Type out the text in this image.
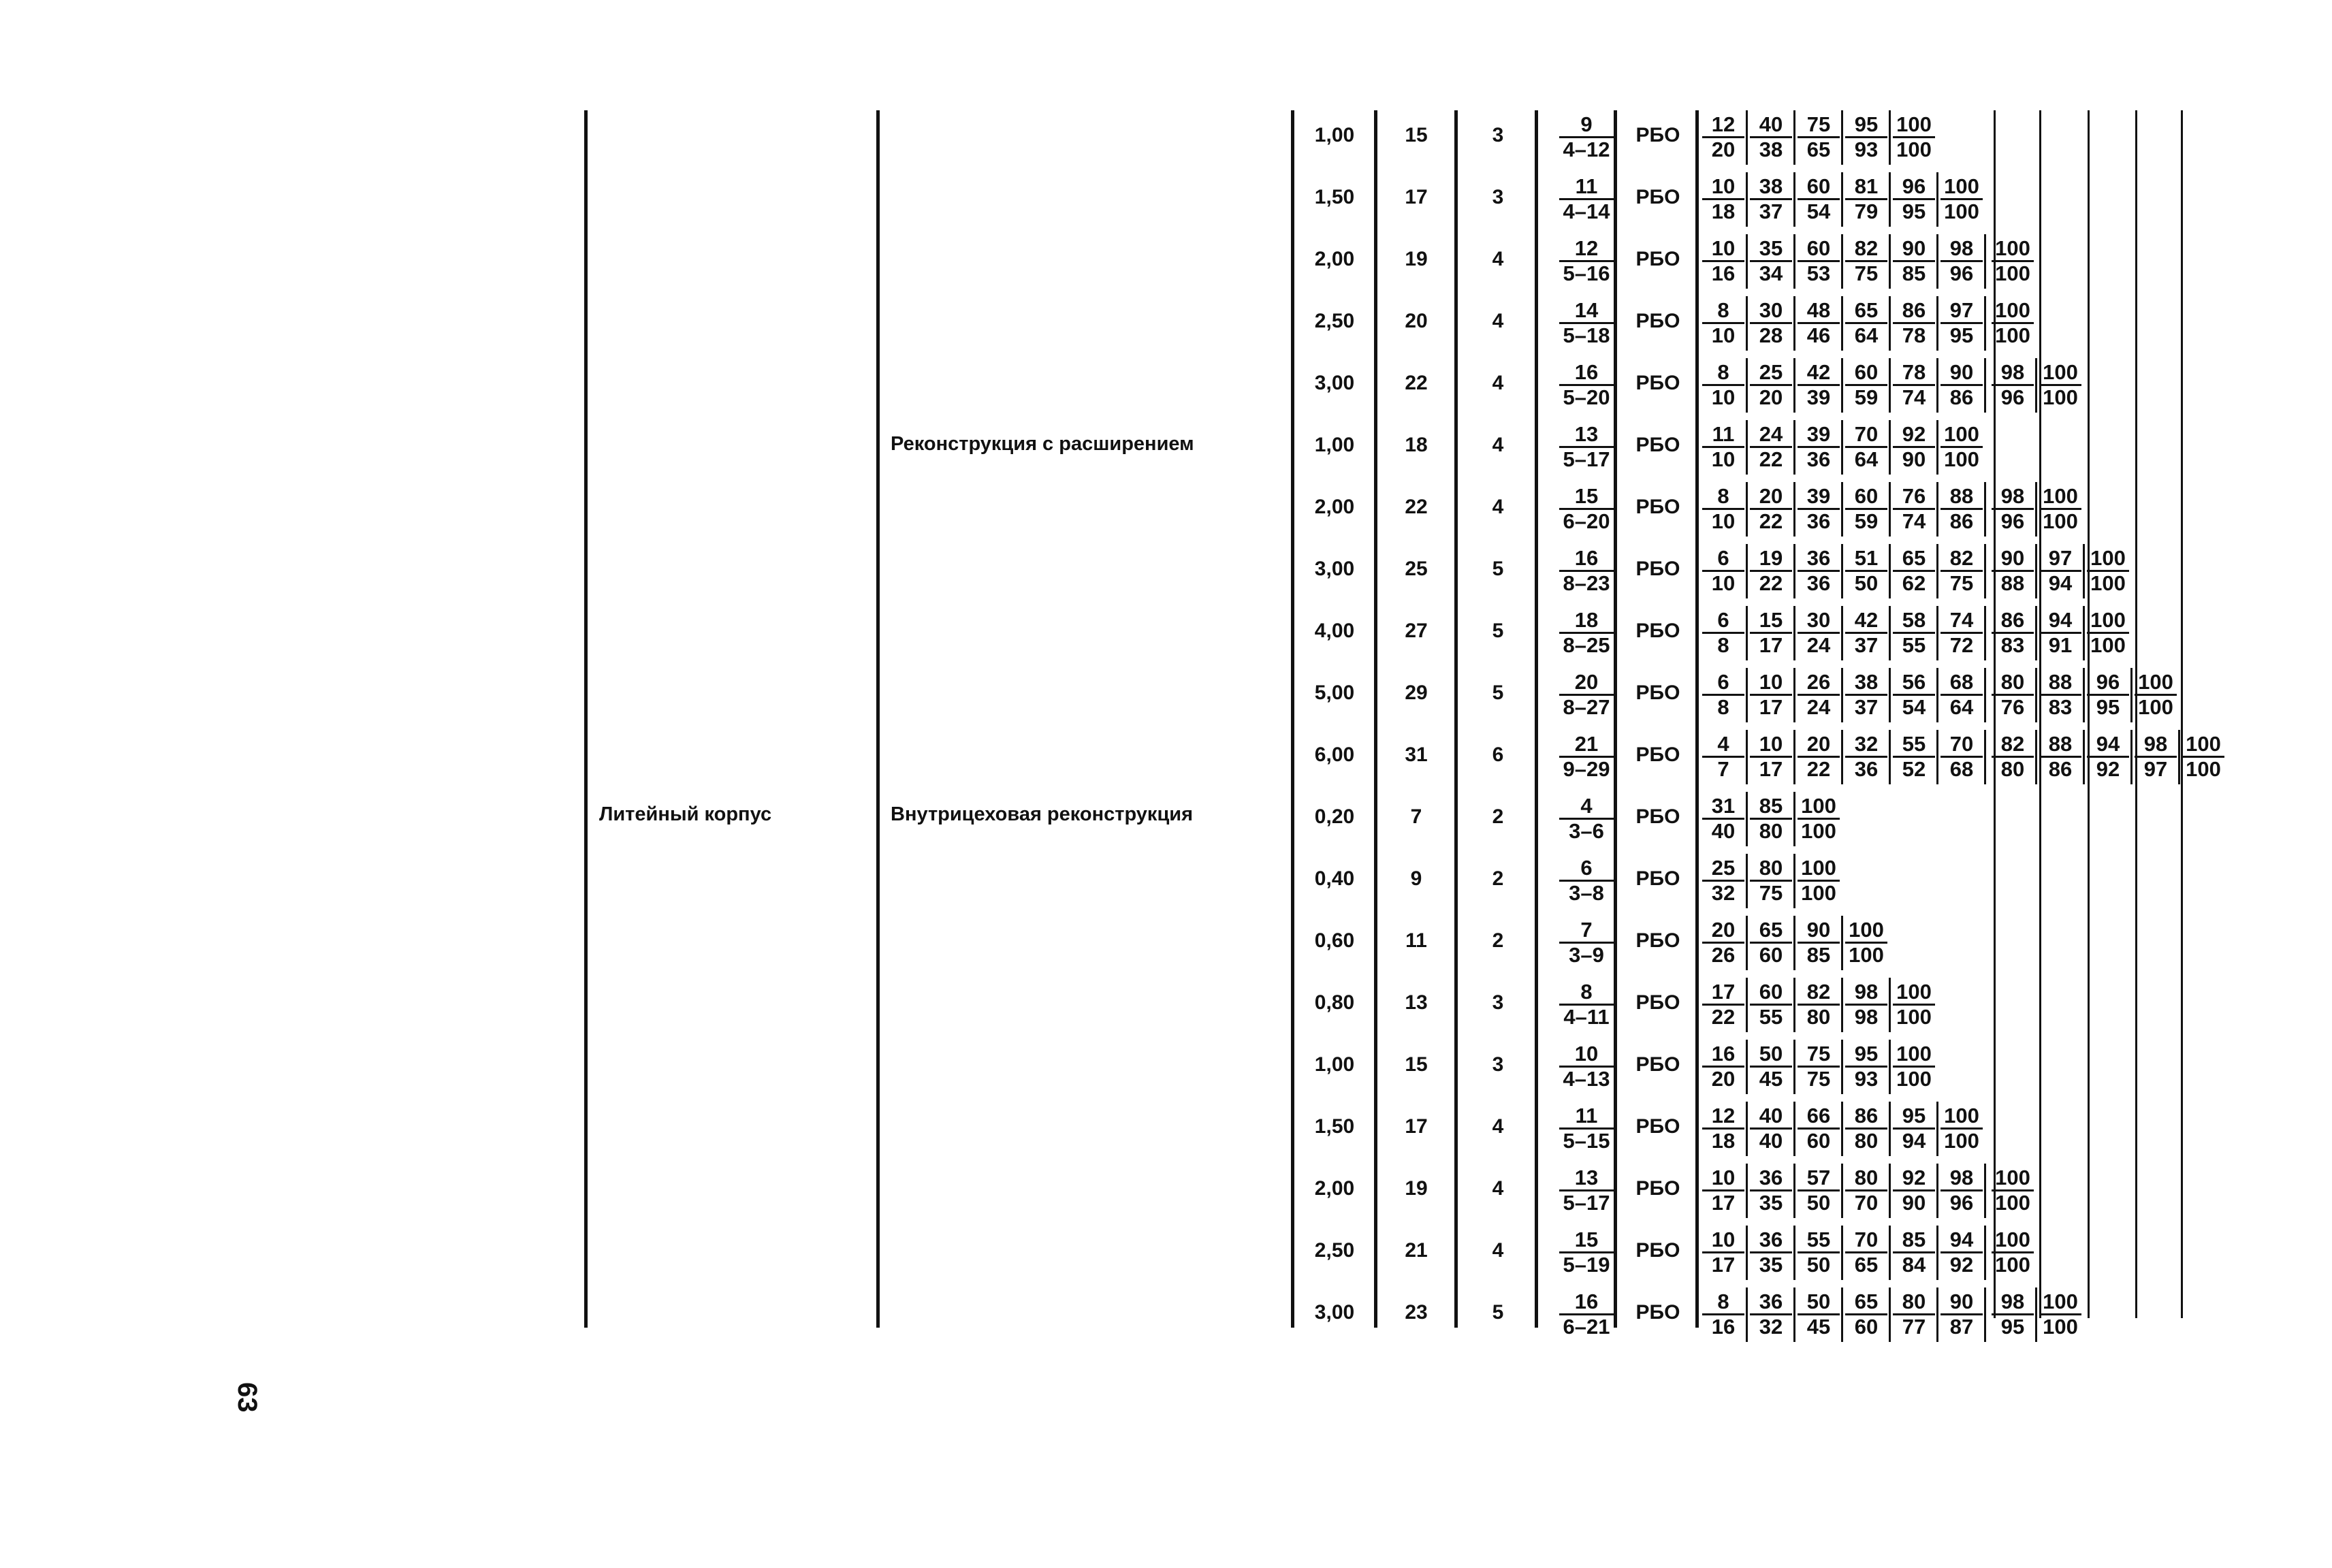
Литейный корпус
Реконструкция с расширением
Внутрицеховая реконструкция
1,00	15	3	$\frac{9}{4-12}$ РБО $\frac{12}{20} \frac{40}{38} \frac{75}{65} \frac{95}{93} \frac{100}{100}$
1,50	17	3	$\frac{11}{4-14}$ РБО $\frac{10}{18} \frac{38}{37} \frac{60}{54} \frac{81}{79} \frac{96}{95} \frac{100}{100}$
2,00	19	4	$\frac{12}{5-16}$ РБО $\frac{10}{16} \frac{35}{34} \frac{60}{53} \frac{82}{75} \frac{90}{85} \frac{98}{96} \frac{100}{100}$
2,50	20	4	$\frac{14}{5-18}$ РБО $\frac{8}{10} \frac{30}{28} \frac{48}{46} \frac{65}{64} \frac{86}{78} \frac{97}{95} \frac{100}{100}$
3,00	22	4	$\frac{16}{5-20}$ РБО $\frac{8}{10} \frac{25}{20} \frac{42}{39} \frac{60}{59} \frac{78}{74} \frac{90}{86} \frac{98}{96} \frac{100}{100}$
1,00	18	4	$\frac{13}{5-17}$ РБО $\frac{11}{10} \frac{24}{22} \frac{39}{36} \frac{70}{64} \frac{92}{90} \frac{100}{100}$
2,00	22	4	$\frac{15}{6-20}$ РБО $\frac{8}{10} \frac{20}{22} \frac{39}{36} \frac{60}{59} \frac{76}{74} \frac{88}{86} \frac{98}{96} \frac{100}{100}$
3,00	25	5	$\frac{16}{8-23}$ РБО $\frac{6}{10} \frac{19}{22} \frac{36}{36} \frac{51}{50} \frac{65}{62} \frac{82}{75} \frac{90}{88} \frac{97}{94} \frac{100}{100}$
4,00	27	5	$\frac{18}{8-25}$ РБО $\frac{6}{8} \frac{15}{17} \frac{30}{24} \frac{42}{37} \frac{58}{55} \frac{74}{72} \frac{86}{83} \frac{94}{91} \frac{100}{100}$
5,00	29	5	$\frac{20}{8-27}$ РБО $\frac{6}{8} \frac{10}{17} \frac{26}{24} \frac{38}{37} \frac{56}{54} \frac{68}{64} \frac{80}{76} \frac{88}{83} \frac{96}{95} \frac{100}{100}$
6,00	31	6	$\frac{21}{9-29}$ РБО $\frac{4}{7} \frac{10}{17} \frac{20}{22} \frac{32}{36} \frac{55}{52} \frac{70}{68} \frac{82}{80} \frac{88}{86} \frac{94}{92} \frac{98}{97} \frac{100}{100}$
0,20	7	2	$\frac{4}{3-6}$ РБО $\frac{31}{40} \frac{85}{80} \frac{100}{100}$
0,40	9	2	$\frac{6}{3-8}$ РБО $\frac{25}{32} \frac{80}{75} \frac{100}{100}$
0,60	11	2	$\frac{7}{3-9}$ РБО $\frac{20}{26} \frac{65}{60} \frac{90}{85} \frac{100}{100}$
0,80	13	3	$\frac{8}{4-11}$ РБО $\frac{17}{22} \frac{60}{55} \frac{82}{80} \frac{98}{98} \frac{100}{100}$
1,00	15	3	$\frac{10}{4-13}$ РБО $\frac{16}{20} \frac{50}{45} \frac{75}{75} \frac{95}{93} \frac{100}{100}$
1,50	17	4	$\frac{11}{5-15}$ РБО $\frac{12}{18} \frac{40}{40} \frac{66}{60} \frac{86}{80} \frac{95}{94} \frac{100}{100}$
2,00	19	4	$\frac{13}{5-17}$ РБО $\frac{10}{17} \frac{36}{35} \frac{57}{50} \frac{80}{70} \frac{92}{90} \frac{98}{96} \frac{100}{100}$
2,50	21	4	$\frac{15}{5-19}$ РБО $\frac{10}{17} \frac{36}{35} \frac{55}{50} \frac{70}{65} \frac{85}{84} \frac{94}{92} \frac{100}{100}$
3,00	23	5	$\frac{16}{6-21}$ РБО $\frac{8}{16} \frac{36}{32} \frac{50}{45} \frac{65}{60} \frac{80}{77} \frac{90}{87} \frac{98}{95} \frac{100}{100}$
63
